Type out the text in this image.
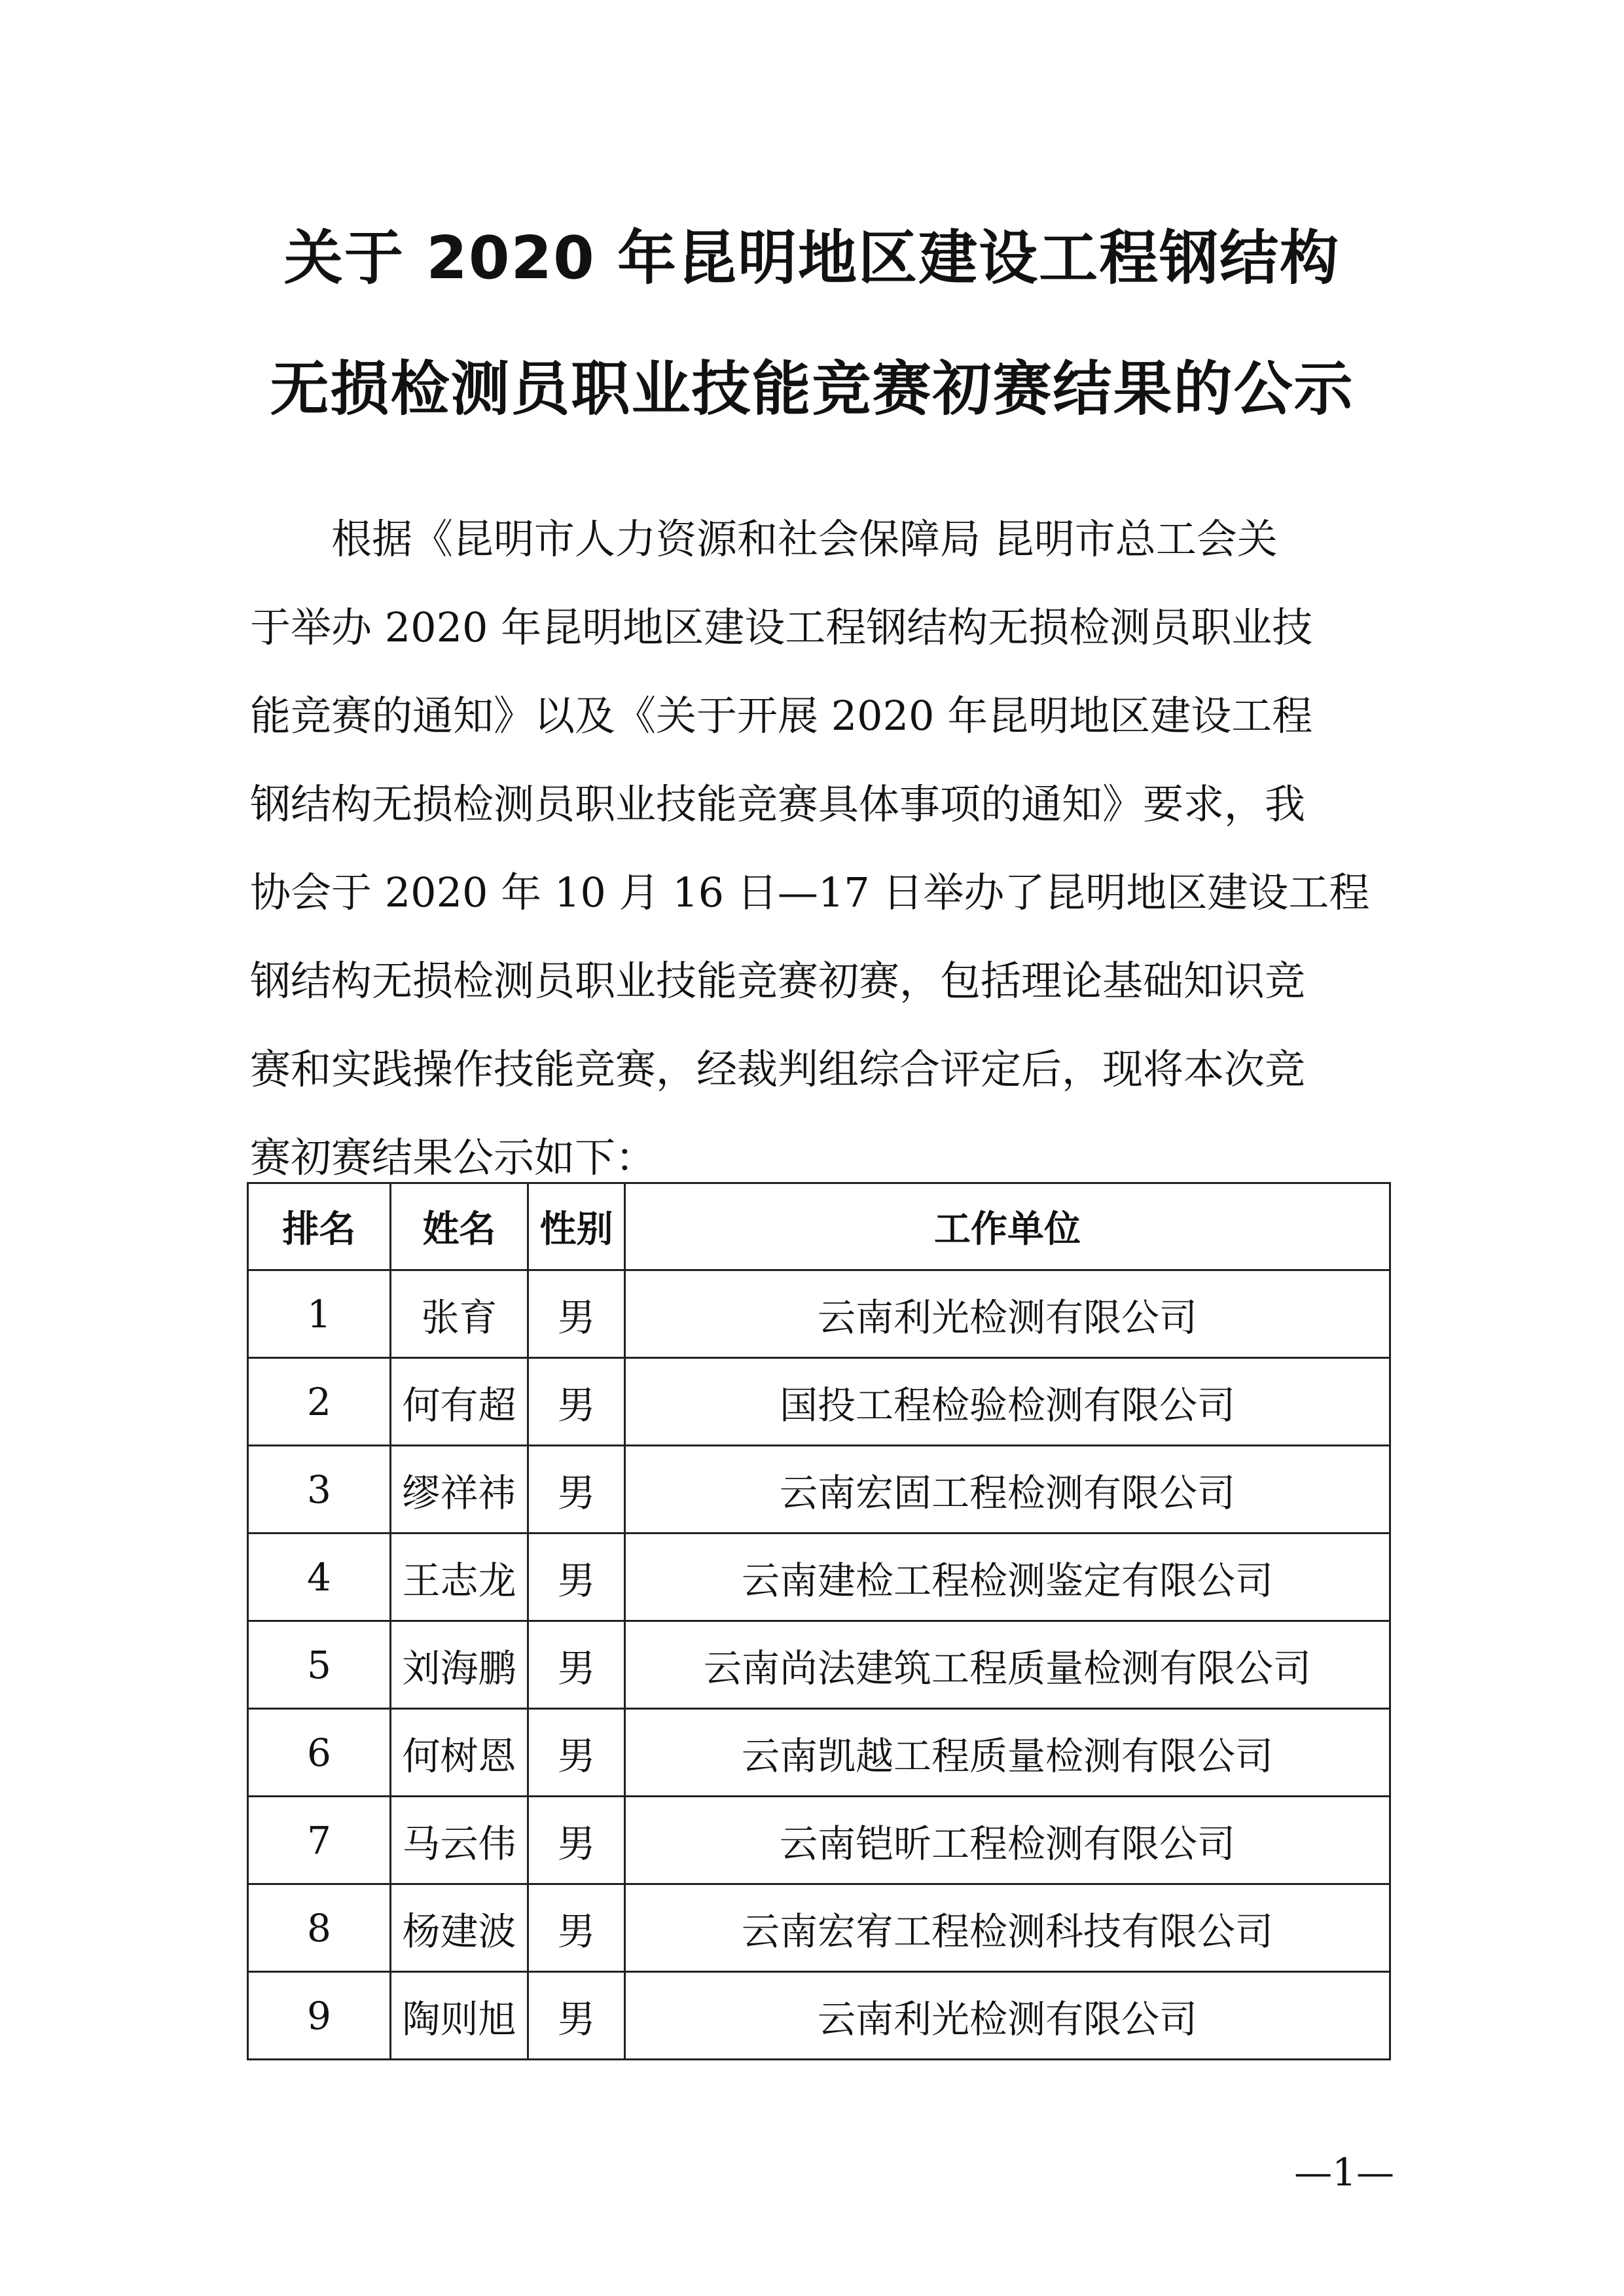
关于 2020 年昆明地区建设工程钢结构
无损检测员职业技能竞赛初赛结果的公示
　　根据《昆明市人力资源和社会保障局 昆明市总工会关
于举办 2020 年昆明地区建设工程钢结构无损检测员职业技
能竞赛的通知》以及《关于开展 2020 年昆明地区建设工程
钢结构无损检测员职业技能竞赛具体事项的通知》要求，我
协会于 2020 年 10 月 16 日—17 日举办了昆明地区建设工程
钢结构无损检测员职业技能竞赛初赛，包括理论基础知识竞
赛和实践操作技能竞赛，经裁判组综合评定后，现将本次竞
赛初赛结果公示如下：
排名	姓名	性别	工作单位
1	张育	男	云南利光检测有限公司
2	何有超	男	国投工程检验检测有限公司
3	缪祥祎	男	云南宏固工程检测有限公司
4	王志龙	男	云南建检工程检测鉴定有限公司
5	刘海鹏	男	云南尚法建筑工程质量检测有限公司
6	何树恩	男	云南凯越工程质量检测有限公司
7	马云伟	男	云南铠昕工程检测有限公司
8	杨建波	男	云南宏宥工程检测科技有限公司
9	陶则旭	男	云南利光检测有限公司
—1—
